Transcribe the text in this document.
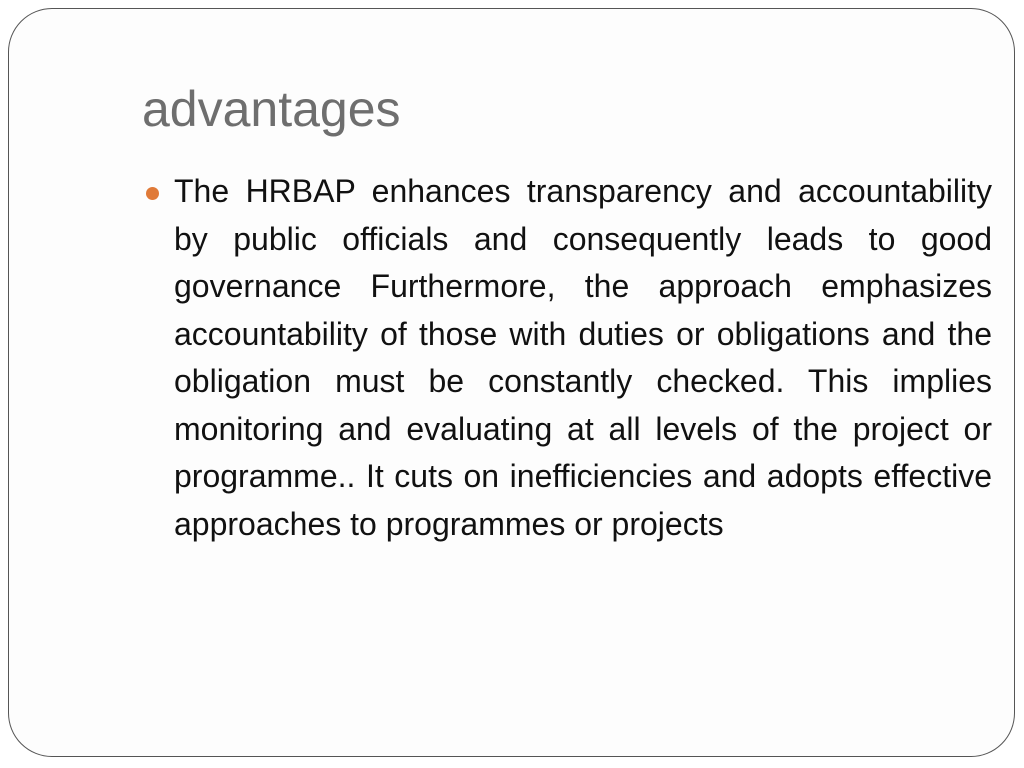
advantages
The HRBAP enhances transparency and accountability by public officials and consequently leads to good governance Furthermore, the approach emphasizes accountability of those with duties or obligations and the obligation must be constantly checked. This implies monitoring and evaluating at all levels of the project or programme.. It cuts on inefficiencies and adopts effective approaches to programmes or projects
